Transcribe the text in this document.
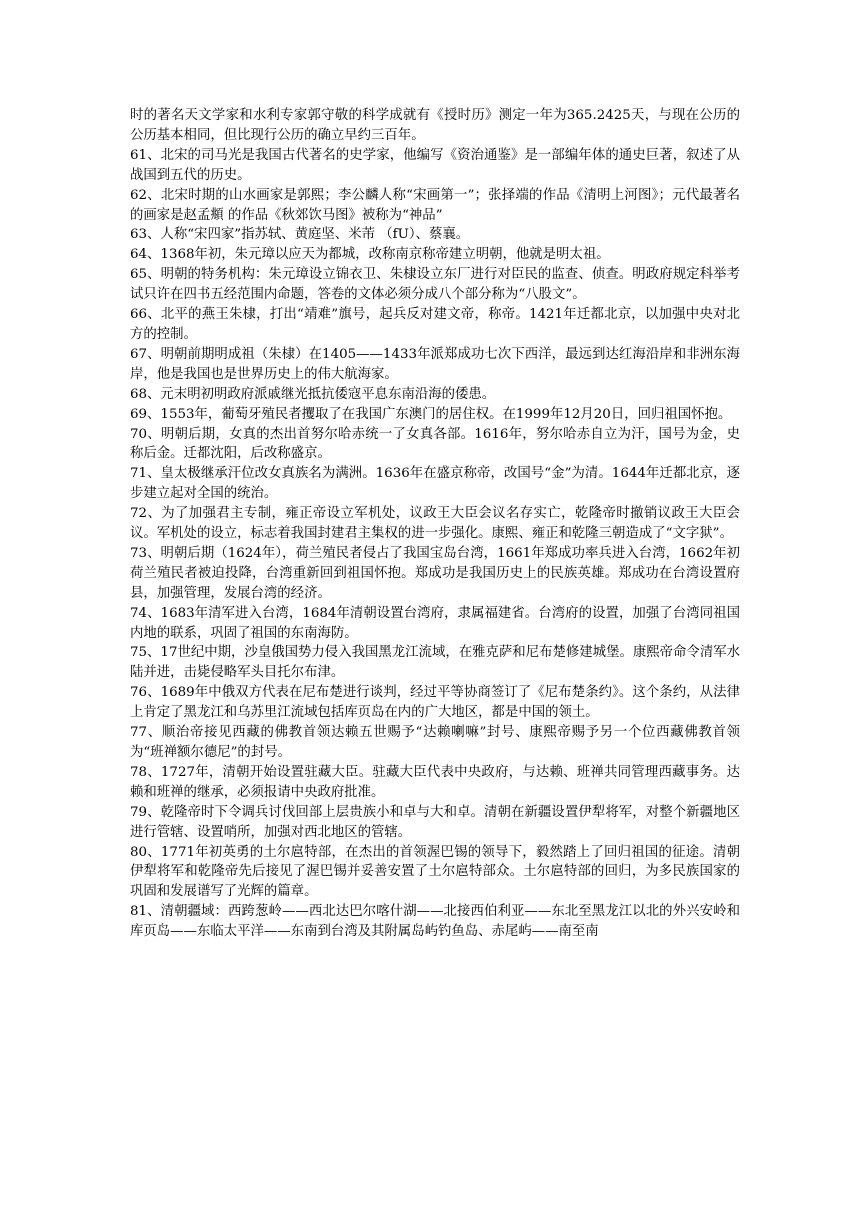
时的著名天文学家和水利专家郭守敬的科学成就有《授时历》测定一年为365.2425天，与现在公历的公历基本相同，但比现行公历的确立早约三百年。

61、北宋的司马光是我国古代著名的史学家，他编写《资治通鉴》是一部编年体的通史巨著，叙述了从战国到五代的历史。

62、北宋时期的山水画家是郭熙；李公麟人称“宋画第一”；张择端的作品《清明上河图》；元代最著名的画家是赵孟頫 的作品《秋郊饮马图》被称为“神品”

63、人称“宋四家”指苏轼、黄庭坚、米芾 （fU）、蔡襄。

64、1368年初，朱元璋以应天为都城，改称南京称帝建立明朝，他就是明太祖。

65、明朝的特务机构：朱元璋设立锦衣卫、朱棣设立东厂进行对臣民的监查、侦查。明政府规定科举考试只许在四书五经范围内命题，答卷的文体必须分成八个部分称为“八股文”。

66、北平的燕王朱棣，打出“靖难”旗号，起兵反对建文帝，称帝。1421年迁都北京，以加强中央对北方的控制。

67、明朝前期明成祖（朱棣）在1405——1433年派郑成功七次下西洋，最远到达红海沿岸和非洲东海岸，他是我国也是世界历史上的伟大航海家。

68、元末明初明政府派戚继光抵抗倭寇平息东南沿海的倭患。

69、1553年，葡萄牙殖民者攫取了在我国广东澳门的居住权。在1999年12月20日，回归祖国怀抱。

70、明朝后期，女真的杰出首努尔哈赤统一了女真各部。1616年，努尔哈赤自立为汗，国号为金，史称后金。迁都沈阳，后改称盛京。

71、皇太极继承汗位改女真族名为满洲。1636年在盛京称帝，改国号“金”为清。1644年迁都北京，逐步建立起对全国的统治。

72、为了加强君主专制，雍正帝设立军机处，议政王大臣会议名存实亡，乾隆帝时撤销议政王大臣会议。军机处的设立，标志着我国封建君主集权的进一步强化。康熙、雍正和乾隆三朝造成了“文字狱”。

73、明朝后期（1624年），荷兰殖民者侵占了我国宝岛台湾，1661年郑成功率兵进入台湾，1662年初荷兰殖民者被迫投降，台湾重新回到祖国怀抱。郑成功是我国历史上的民族英雄。郑成功在台湾设置府县，加强管理，发展台湾的经济。

74、1683年清军进入台湾，1684年清朝设置台湾府，隶属福建省。台湾府的设置，加强了台湾同祖国内地的联系，巩固了祖国的东南海防。

75、17世纪中期，沙皇俄国势力侵入我国黑龙江流域，在雅克萨和尼布楚修建城堡。康熙帝命令清军水陆并进，击毙侵略军头目托尔布津。

76、1689年中俄双方代表在尼布楚进行谈判，经过平等协商签订了《尼布楚条约》。这个条约，从法律上肯定了黑龙江和乌苏里江流域包括库页岛在内的广大地区，都是中国的领土。

77、顺治帝接见西藏的佛教首领达赖五世赐予“达赖喇嘛”封号、康熙帝赐予另一个位西藏佛教首领为“班禅额尔德尼”的封号。

78、1727年，清朝开始设置驻藏大臣。驻藏大臣代表中央政府，与达赖、班禅共同管理西藏事务。达赖和班禅的继承，必须报请中央政府批准。

79、乾隆帝时下令调兵讨伐回部上层贵族小和卓与大和卓。清朝在新疆设置伊犁将军，对整个新疆地区进行管辖、设置哨所，加强对西北地区的管辖。

80、1771年初英勇的土尔扈特部，在杰出的首领渥巴锡的领导下，毅然踏上了回归祖国的征途。清朝伊犁将军和乾隆帝先后接见了渥巴锡并妥善安置了土尔扈特部众。土尔扈特部的回归，为多民族国家的巩固和发展谱写了光辉的篇章。

81、清朝疆域：西跨葱岭——西北达巴尔喀什湖——北接西伯利亚——东北至黑龙江以北的外兴安岭和库页岛——东临太平洋——东南到台湾及其附属岛屿钓鱼岛、赤尾屿——南至南
